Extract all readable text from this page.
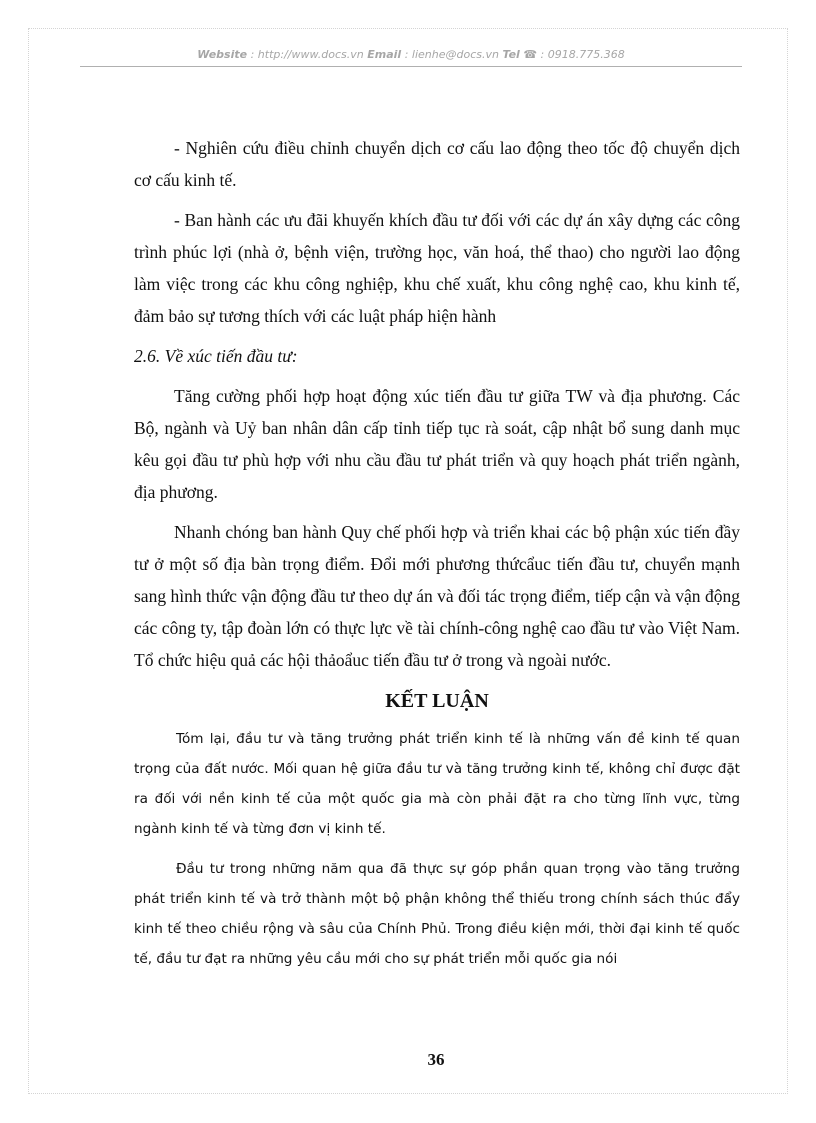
Website : http://www.docs.vn Email : lienhe@docs.vn Tel ☎ : 0918.775.368

- Nghiên cứu điều chỉnh chuyển dịch cơ cấu lao động theo tốc độ chuyển dịch cơ cấu kinh tế.

- Ban hành các ưu đãi khuyến khích đầu tư đối với các dự án xây dựng các công trình phúc lợi (nhà ở, bệnh viện, trường học, văn hoá, thể thao) cho người lao động làm việc trong các khu công nghiệp, khu chế xuất, khu công nghệ cao, khu kinh tế, đảm bảo sự tương thích với các luật pháp hiện hành

2.6. Về xúc tiến đầu tư:

Tăng cường phối hợp hoạt động xúc tiến đầu tư giữa TW và địa phương. Các Bộ, ngành và Uỷ ban nhân dân cấp tỉnh tiếp tục rà soát, cập nhật bổ sung danh mục kêu gọi đầu tư phù hợp với nhu cầu đầu tư phát triển và quy hoạch phát triển ngành, địa phương.

Nhanh chóng ban hành Quy chế phối hợp và triển khai các bộ phận xúc tiến đầy tư ở một số địa bàn trọng điểm. Đổi mới phương thứcẩuc tiến đầu tư, chuyển mạnh sang hình thức vận động đầu tư theo dự án và đối tác trọng điểm, tiếp cận và vận động các công ty, tập đoàn lớn có thực lực về tài chính-công nghệ cao đầu tư vào Việt Nam. Tổ chức hiệu quả các hội thảoẩuc tiến đầu tư ở trong và ngoài nước.

KẾT LUẬN

Tóm lại, đầu tư và tăng trưởng phát triển kinh tế là những vấn đề kinh tế quan trọng của đất nước. Mối quan hệ giữa đầu tư và tăng trưởng kinh tế, không chỉ được đặt ra đối với nền kinh tế của một quốc gia mà còn phải đặt ra cho từng lĩnh vực, từng ngành kinh tế và từng đơn vị kinh tế.

Đầu tư trong những năm qua đã thực sự góp phần quan trọng vào tăng trưởng phát triển kinh tế và trở thành một bộ phận không thể thiếu trong chính sách thúc đẩy kinh tế theo chiều rộng và sâu của Chính Phủ. Trong điều kiện mới, thời đại kinh tế quốc tế, đầu tư đạt ra những yêu cầu mới cho sự phát triển mỗi quốc gia nói

36
